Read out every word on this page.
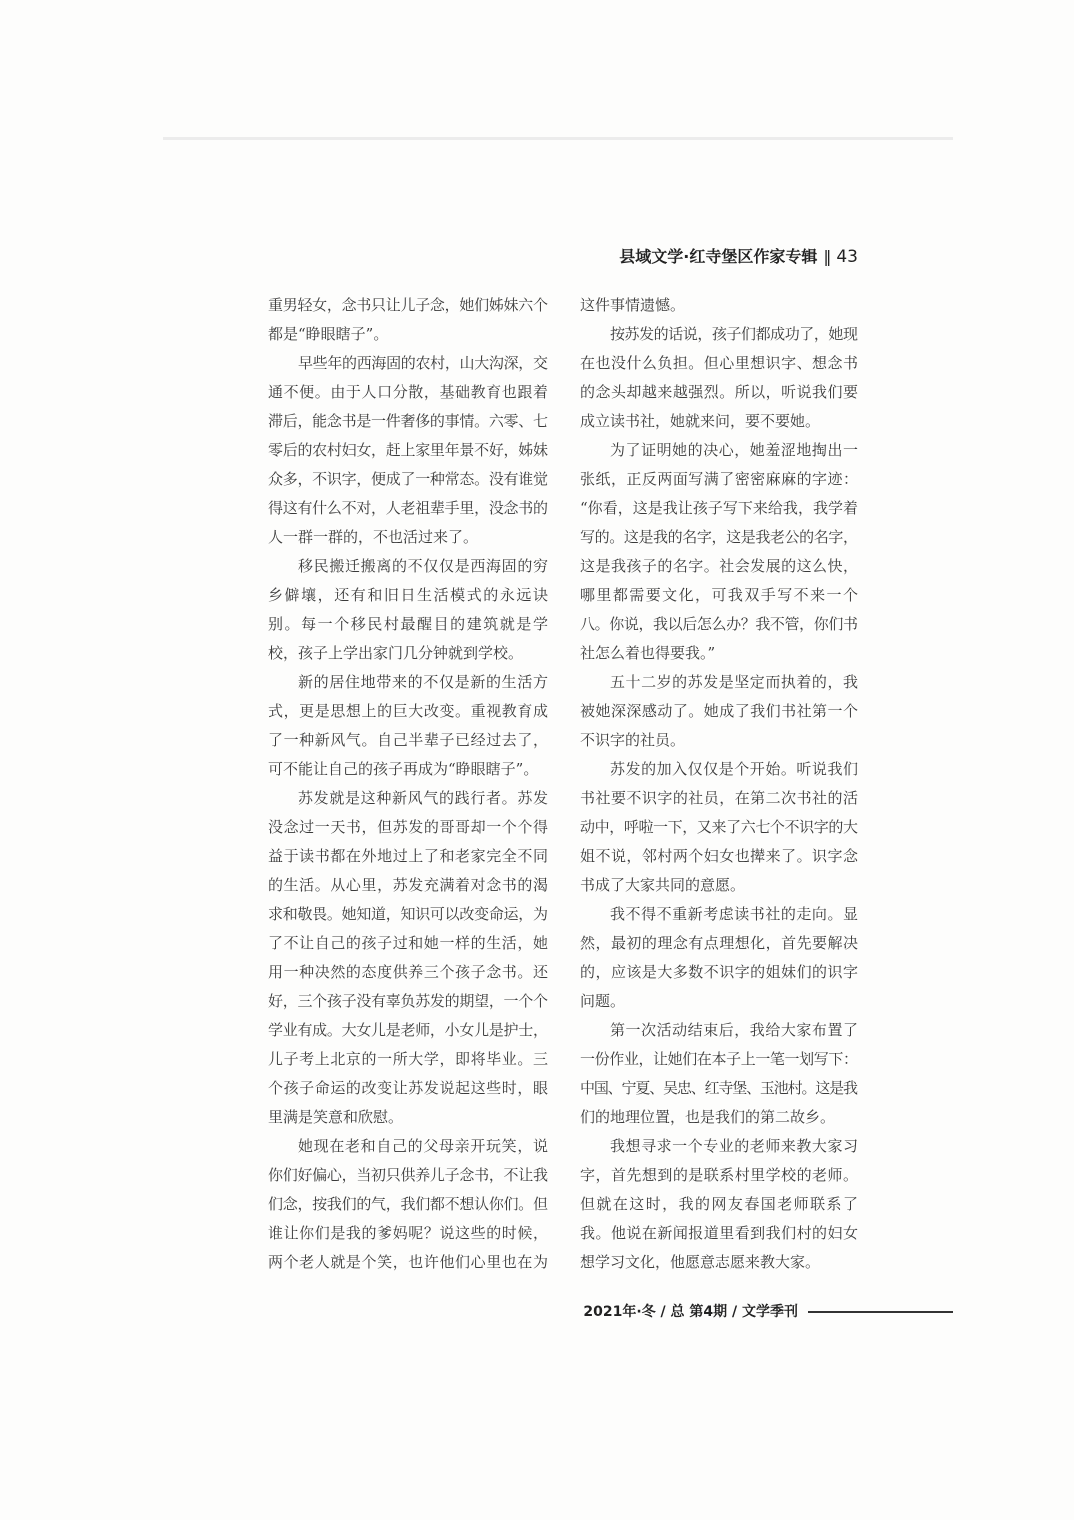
县域文学·红寺堡区作家专辑 ‖ 43
重男轻女，念书只让儿子念，她们姊妹六个
都是“睁眼瞎子”。
早些年的西海固的农村，山大沟深，交
通不便。由于人口分散，基础教育也跟着
滞后，能念书是一件奢侈的事情。六零、七
零后的农村妇女，赶上家里年景不好，姊妹
众多，不识字，便成了一种常态。没有谁觉
得这有什么不对，人老祖辈手里，没念书的
人一群一群的，不也活过来了。
移民搬迁搬离的不仅仅是西海固的穷
乡僻壤，还有和旧日生活模式的永远诀
别。每一个移民村最醒目的建筑就是学
校，孩子上学出家门几分钟就到学校。
新的居住地带来的不仅是新的生活方
式，更是思想上的巨大改变。重视教育成
了一种新风气。自己半辈子已经过去了，
可不能让自己的孩子再成为“睁眼瞎子”。
苏发就是这种新风气的践行者。苏发
没念过一天书，但苏发的哥哥却一个个得
益于读书都在外地过上了和老家完全不同
的生活。从心里，苏发充满着对念书的渴
求和敬畏。她知道，知识可以改变命运，为
了不让自己的孩子过和她一样的生活，她
用一种决然的态度供养三个孩子念书。还
好，三个孩子没有辜负苏发的期望，一个个
学业有成。大女儿是老师，小女儿是护士，
儿子考上北京的一所大学，即将毕业。三
个孩子命运的改变让苏发说起这些时，眼
里满是笑意和欣慰。
她现在老和自己的父母亲开玩笑，说
你们好偏心，当初只供养儿子念书，不让我
们念，按我们的气，我们都不想认你们。但
谁让你们是我的爹妈呢？说这些的时候，
两个老人就是个笑，也许他们心里也在为
这件事情遗憾。
按苏发的话说，孩子们都成功了，她现
在也没什么负担。但心里想识字、想念书
的念头却越来越强烈。所以，听说我们要
成立读书社，她就来问，要不要她。
为了证明她的决心，她羞涩地掏出一
张纸，正反两面写满了密密麻麻的字迹：
“你看，这是我让孩子写下来给我，我学着
写的。这是我的名字，这是我老公的名字，
这是我孩子的名字。社会发展的这么快，
哪里都需要文化，可我双手写不来一个
八。你说，我以后怎么办？我不管，你们书
社怎么着也得要我。”
五十二岁的苏发是坚定而执着的，我
被她深深感动了。她成了我们书社第一个
不识字的社员。
苏发的加入仅仅是个开始。听说我们
书社要不识字的社员，在第二次书社的活
动中，呼啦一下，又来了六七个不识字的大
姐不说，邻村两个妇女也撵来了。识字念
书成了大家共同的意愿。
我不得不重新考虑读书社的走向。显
然，最初的理念有点理想化，首先要解决
的，应该是大多数不识字的姐妹们的识字
问题。
第一次活动结束后，我给大家布置了
一份作业，让她们在本子上一笔一划写下：
中国、宁夏、吴忠、红寺堡、玉池村。这是我
们的地理位置，也是我们的第二故乡。
我想寻求一个专业的老师来教大家习
字，首先想到的是联系村里学校的老师。
但就在这时，我的网友春国老师联系了
我。他说在新闻报道里看到我们村的妇女
想学习文化，他愿意志愿来教大家。
2021年·冬 / 总 第4期 / 文学季刊
